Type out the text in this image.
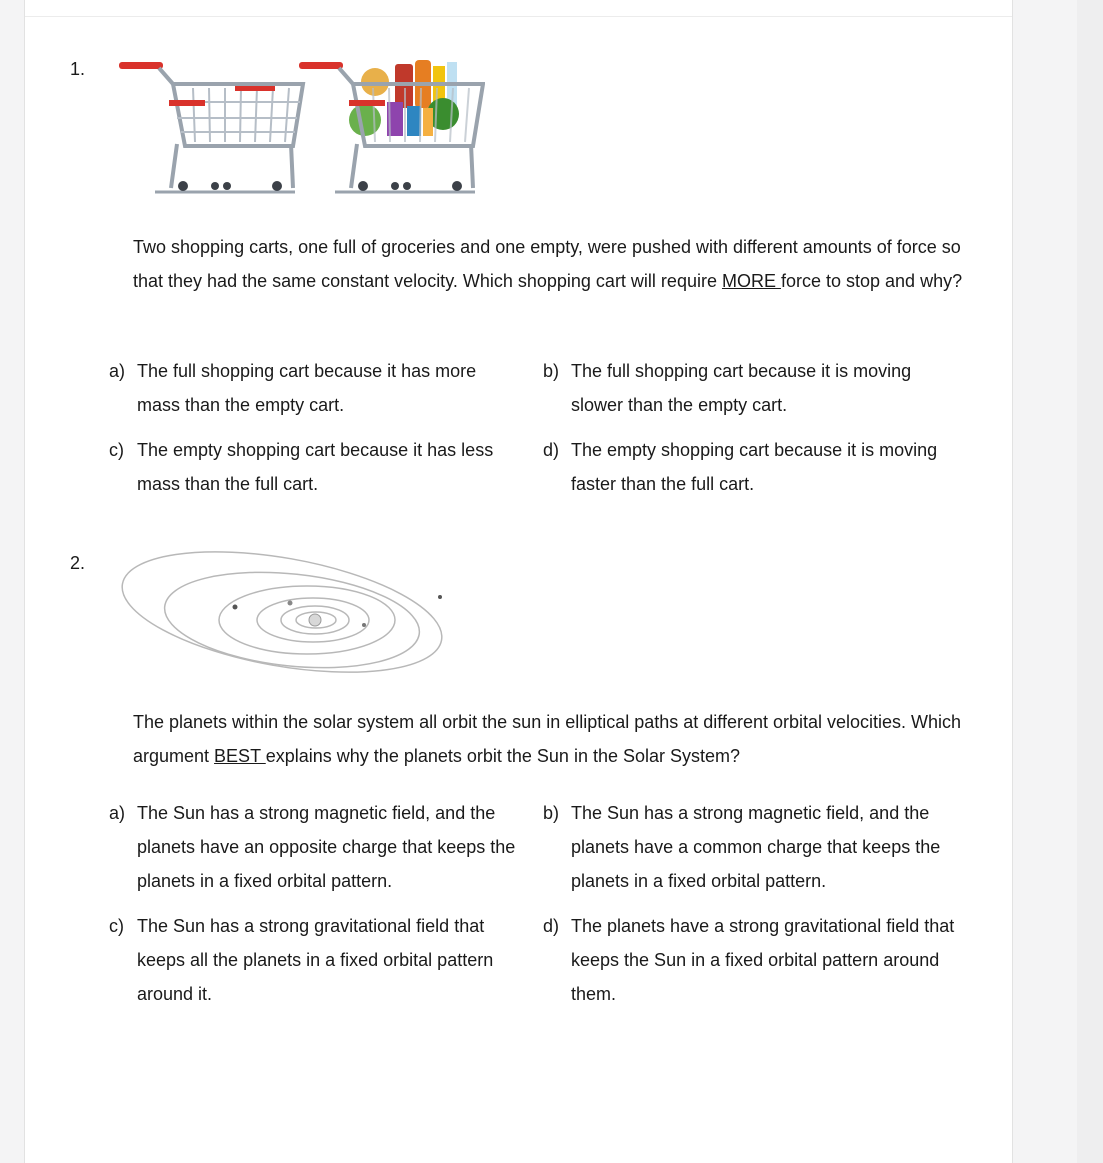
1.
Two shopping carts, one full of groceries and one empty, were pushed with different amounts of force so that they had the same constant velocity. Which shopping cart will require MORE force to stop and why?
a) The full shopping cart because it has more mass than the empty cart.
b) The full shopping cart because it is moving slower than the empty cart.
c) The empty shopping cart because it has less mass than the full cart.
d) The empty shopping cart because it is moving faster than the full cart.
2.
The planets within the solar system all orbit the sun in elliptical paths at different orbital velocities. Which argument BEST explains why the planets orbit the Sun in the Solar System?
a) The Sun has a strong magnetic field, and the planets have an opposite charge that keeps the planets in a fixed orbital pattern.
b) The Sun has a strong magnetic field, and the planets have a common charge that keeps the planets in a fixed orbital pattern.
c) The Sun has a strong gravitational field that keeps all the planets in a fixed orbital pattern around it.
d) The planets have a strong gravitational field that keeps the Sun in a fixed orbital pattern around them.
